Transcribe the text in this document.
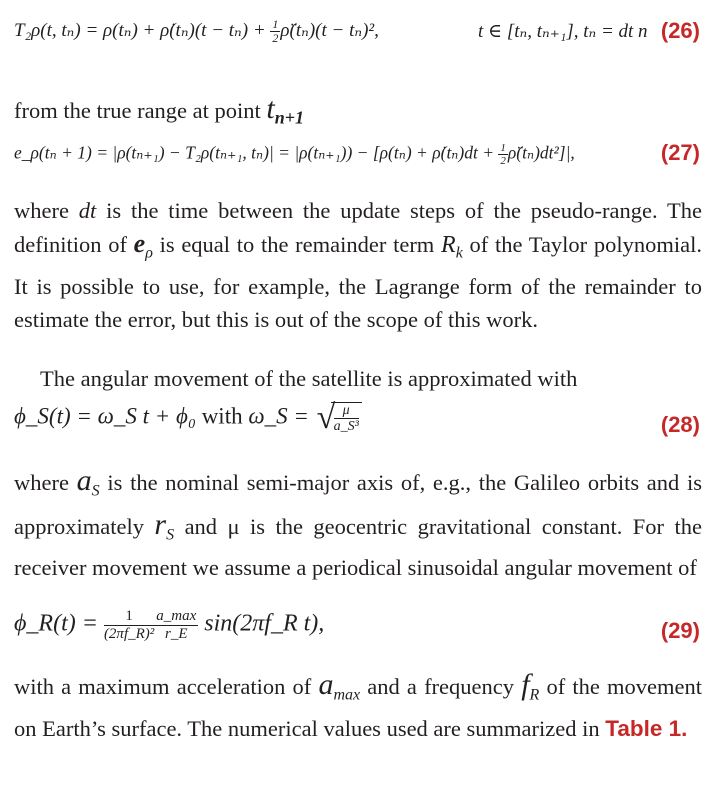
T₂ρ(t, tₙ) = ρ(tₙ) + ρ̇(tₙ)(t − $t_n) + \frac{1}{2}$ ρ̈(tₙ)(t − tₙ)²,	t ∈ [tₙ, tₙ₊₁], tₙ = dt n (26)
from the true range at point $t_{n+1}$
e_ρ(tₙ + 1) = |ρ(tₙ₊₁) − T₂ρ(tₙ₊₁, tₙ)| = |ρ(tₙ₊₁)) − [ρ(tₙ) + ρ̇(tₙ)dt + $\frac{1}{2}$ ρ̈(tₙ)dt²]|,	(27)
where dt is the time between the update steps of the pseudo-range. The definition of $e_\rho$ is equal to the remainder term $R_k$ of the Taylor polynomial. It is possible to use, for example, the Lagrange form of the remainder to estimate the error, but this is out of the scope of this work.
The angular movement of the satellite is approximated with
ϕ_S(t) = ω_S t + ϕ₀ with ω_S =
√ $\frac{\mu}{\text{a\_S³}}$	(28)
where $a_S$ is the nominal semi-major axis of, e.g., the Galileo orbits and is approximately $r_S$ and μ is the geocentric gravitational constant. For the receiver movement we assume a periodical sinusoidal angular movement of
ϕ_R(t) = $\frac{1}{\text{(2πf\_R)²}} \frac{a\_\max}{r\_E}$ sin(2πf_R t),	(29)
with a maximum acceleration of $a_{max}$ and a frequency $f_R$ of the movement on Earth’s surface. The numerical values used are summarized in Table 1.
